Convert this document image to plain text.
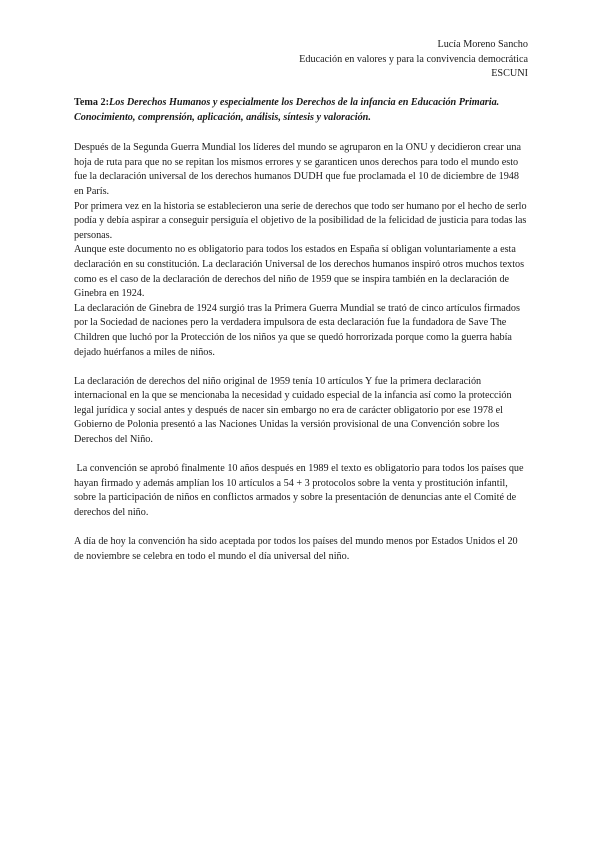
Lucía Moreno Sancho
Educación en valores y para la convivencia democrática
ESCUNI

Tema 2:Los Derechos Humanos y especialmente los Derechos de la infancia en Educación Primaria. Conocimiento, comprensión, aplicación, análisis, síntesis y valoración.

Después de la Segunda Guerra Mundial los líderes del mundo se agruparon en la ONU y decidieron crear una hoja de ruta para que no se repitan los mismos errores y se garanticen unos derechos para todo el mundo esto fue la declaración universal de los derechos humanos DUDH que fue proclamada el 10 de diciembre de 1948 en París.

Por primera vez en la historia se establecieron una serie de derechos que todo ser humano por el hecho de serlo podía y debía aspirar a conseguir persiguía el objetivo de la posibilidad de la felicidad de justicia para todas las personas.

Aunque este documento no es obligatorio para todos los estados en España sí obligan voluntariamente a esta declaración en su constitución. La declaración Universal de los derechos humanos inspiró otros muchos textos como es el caso de la declaración de derechos del niño de 1959 que se inspira también en la declaración de Ginebra en 1924.

La declaración de Ginebra de 1924 surgió tras la Primera Guerra Mundial se trató de cinco artículos firmados por la Sociedad de naciones pero la verdadera impulsora de esta declaración fue la fundadora de Save The Children que luchó por la Protección de los niños ya que se quedó horrorizada porque como la guerra había dejado huérfanos a miles de niños.

La declaración de derechos del niño original de 1959 tenía 10 artículos Y fue la primera declaración internacional en la que se mencionaba la necesidad y cuidado especial de la infancia así como la protección legal jurídica y social antes y después de nacer sin embargo no era de carácter obligatorio por ese 1978 el Gobierno de Polonia presentó a las Naciones Unidas la versión provisional de una Convención sobre los Derechos del Niño.

La convención se aprobó finalmente 10 años después en 1989 el texto es obligatorio para todos los países que hayan firmado y además amplían los 10 artículos a 54 + 3 protocolos sobre la venta y prostitución infantil,  sobre la participación de niños en conflictos armados y sobre la presentación de denuncias ante el Comité de derechos del niño.

A día de hoy la convención ha sido aceptada por todos los países del mundo menos por Estados Unidos el 20 de noviembre se celebra en todo el mundo el día universal del niño.
